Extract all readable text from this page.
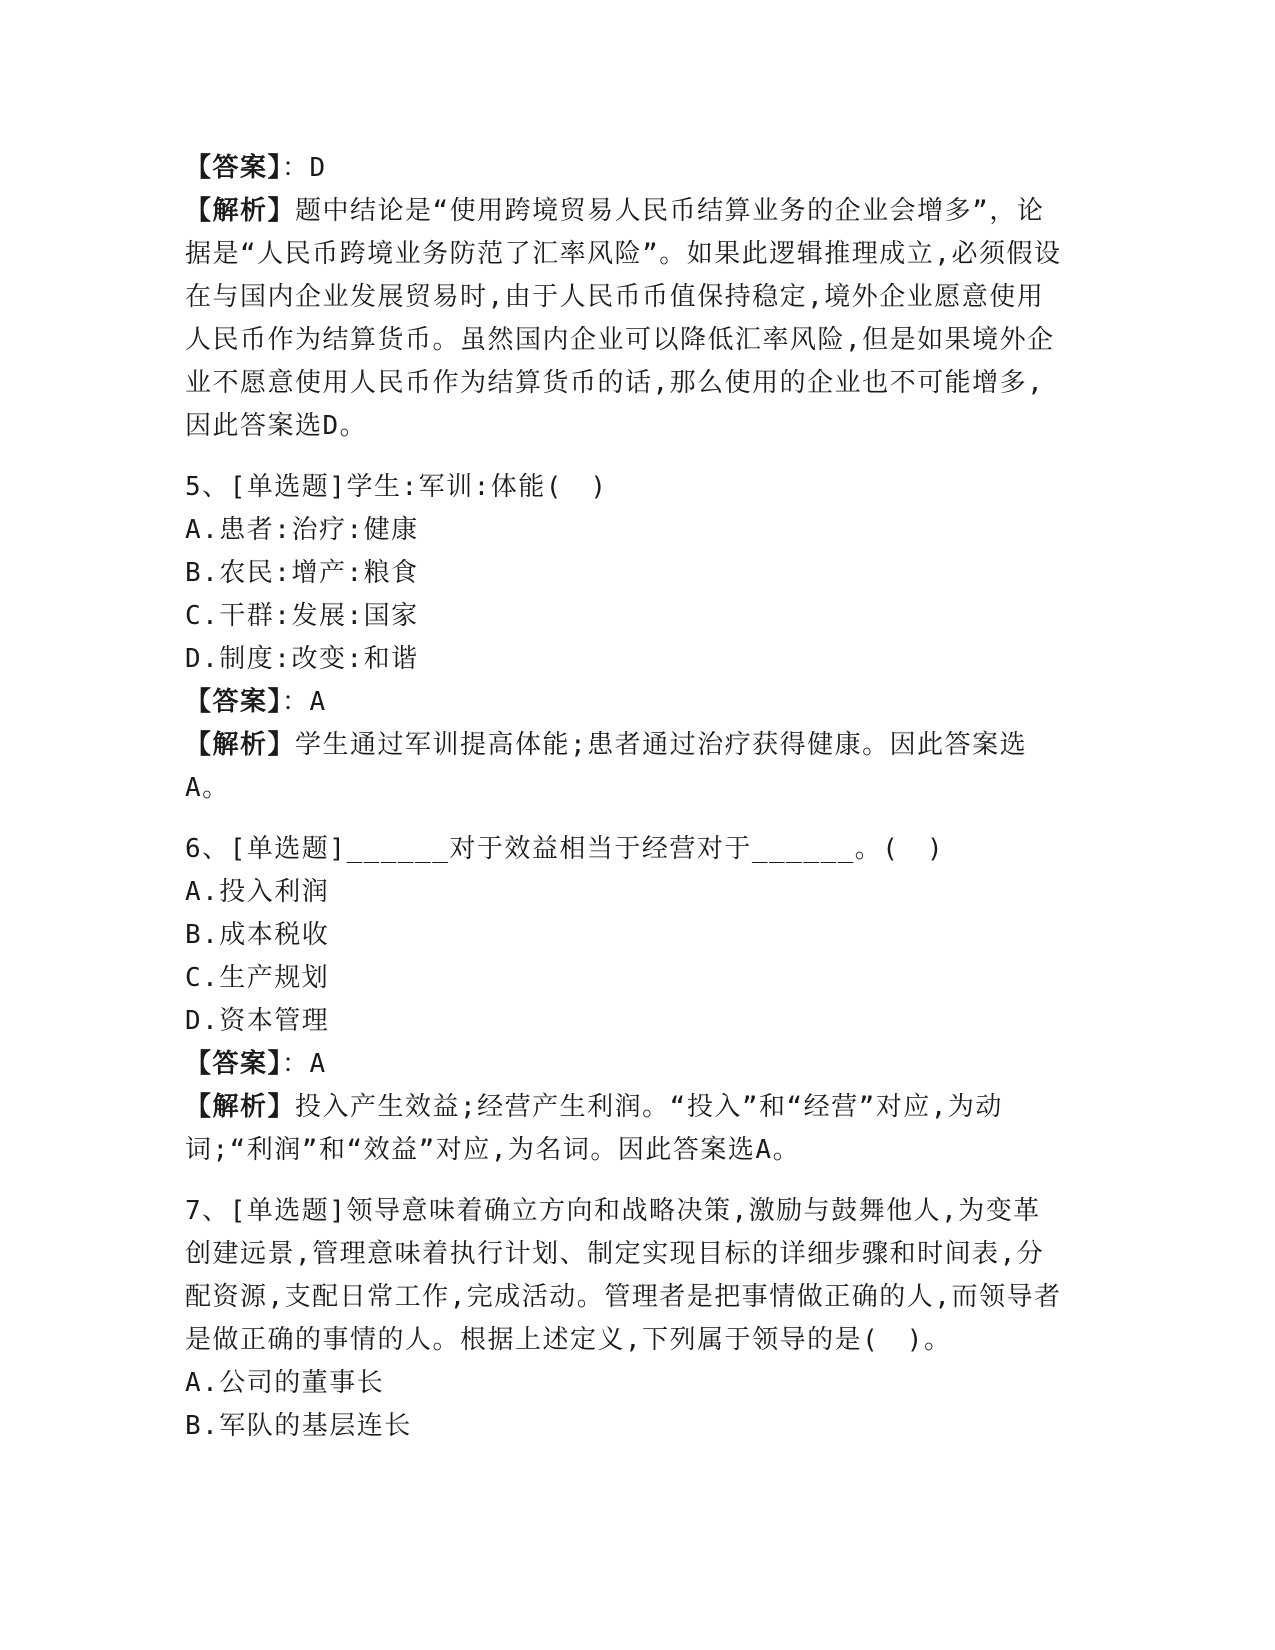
【答案】：D
【解析】题中结论是“使用跨境贸易人民币结算业务的企业会增多”，论据是“人民币跨境业务防范了汇率风险”。如果此逻辑推理成立,必须假设在与国内企业发展贸易时,由于人民币币值保持稳定,境外企业愿意使用人民币作为结算货币。虽然国内企业可以降低汇率风险,但是如果境外企业不愿意使用人民币作为结算货币的话,那么使用的企业也不可能增多,因此答案选D。
5、[单选题]学生:军训:体能(　)
A.患者:治疗:健康
B.农民:增产:粮食
C.干群:发展:国家
D.制度:改变:和谐
【答案】：A
【解析】学生通过军训提高体能;患者通过治疗获得健康。因此答案选A。
6、[单选题]______对于效益相当于经营对于______。(　)
A.投入利润
B.成本税收
C.生产规划
D.资本管理
【答案】：A
【解析】投入产生效益;经营产生利润。“投入”和“经营”对应,为动词;“利润”和“效益”对应,为名词。因此答案选A。
7、[单选题]领导意味着确立方向和战略决策,激励与鼓舞他人,为变革创建远景,管理意味着执行计划、制定实现目标的详细步骤和时间表,分配资源,支配日常工作,完成活动。管理者是把事情做正确的人,而领导者是做正确的事情的人。根据上述定义,下列属于领导的是(　)。
A.公司的董事长
B.军队的基层连长
